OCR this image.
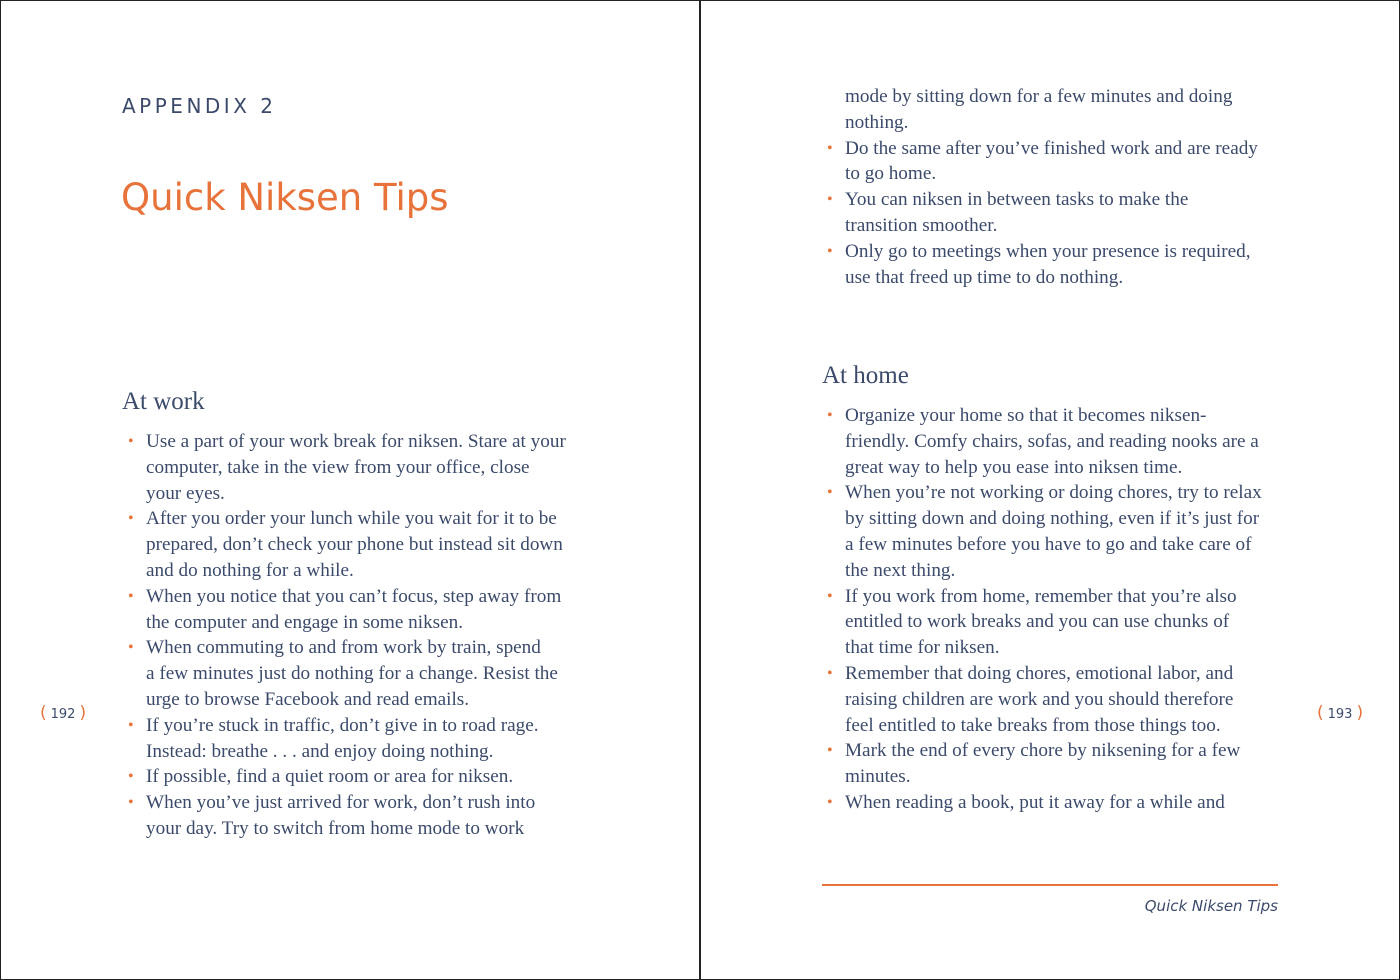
APPENDIX 2
Quick Niksen Tips
At work
• Use a part of your work break for niksen. Stare at your
computer, take in the view from your office, close
your eyes.
• After you order your lunch while you wait for it to be
prepared, don’t check your phone but instead sit down
and do nothing for a while.
• When you notice that you can’t focus, step away from
the computer and engage in some niksen.
• When commuting to and from work by train, spend
a few minutes just do nothing for a change. Resist the
urge to browse Facebook and read emails.
• If you’re stuck in traffic, don’t give in to road rage.
Instead: breathe . . . and enjoy doing nothing.
• If possible, find a quiet room or area for niksen.
• When you’ve just arrived for work, don’t rush into
your day. Try to switch from home mode to work
( 192 )	( 193 )
mode by sitting down for a few minutes and doing
nothing.
• Do the same after you’ve finished work and are ready
to go home.
• You can niksen in between tasks to make the
transition smoother.
• Only go to meetings when your presence is required,
use that freed up time to do nothing.
At home
• Organize your home so that it becomes niksen-
friendly. Comfy chairs, sofas, and reading nooks are a
great way to help you ease into niksen time.
• When you’re not working or doing chores, try to relax
by sitting down and doing nothing, even if it’s just for
a few minutes before you have to go and take care of
the next thing.
• If you work from home, remember that you’re also
entitled to work breaks and you can use chunks of
that time for niksen.
• Remember that doing chores, emotional labor, and
raising children are work and you should therefore
feel entitled to take breaks from those things too.
• Mark the end of every chore by niksening for a few
minutes.
• When reading a book, put it away for a while and
Quick Niksen Tips
